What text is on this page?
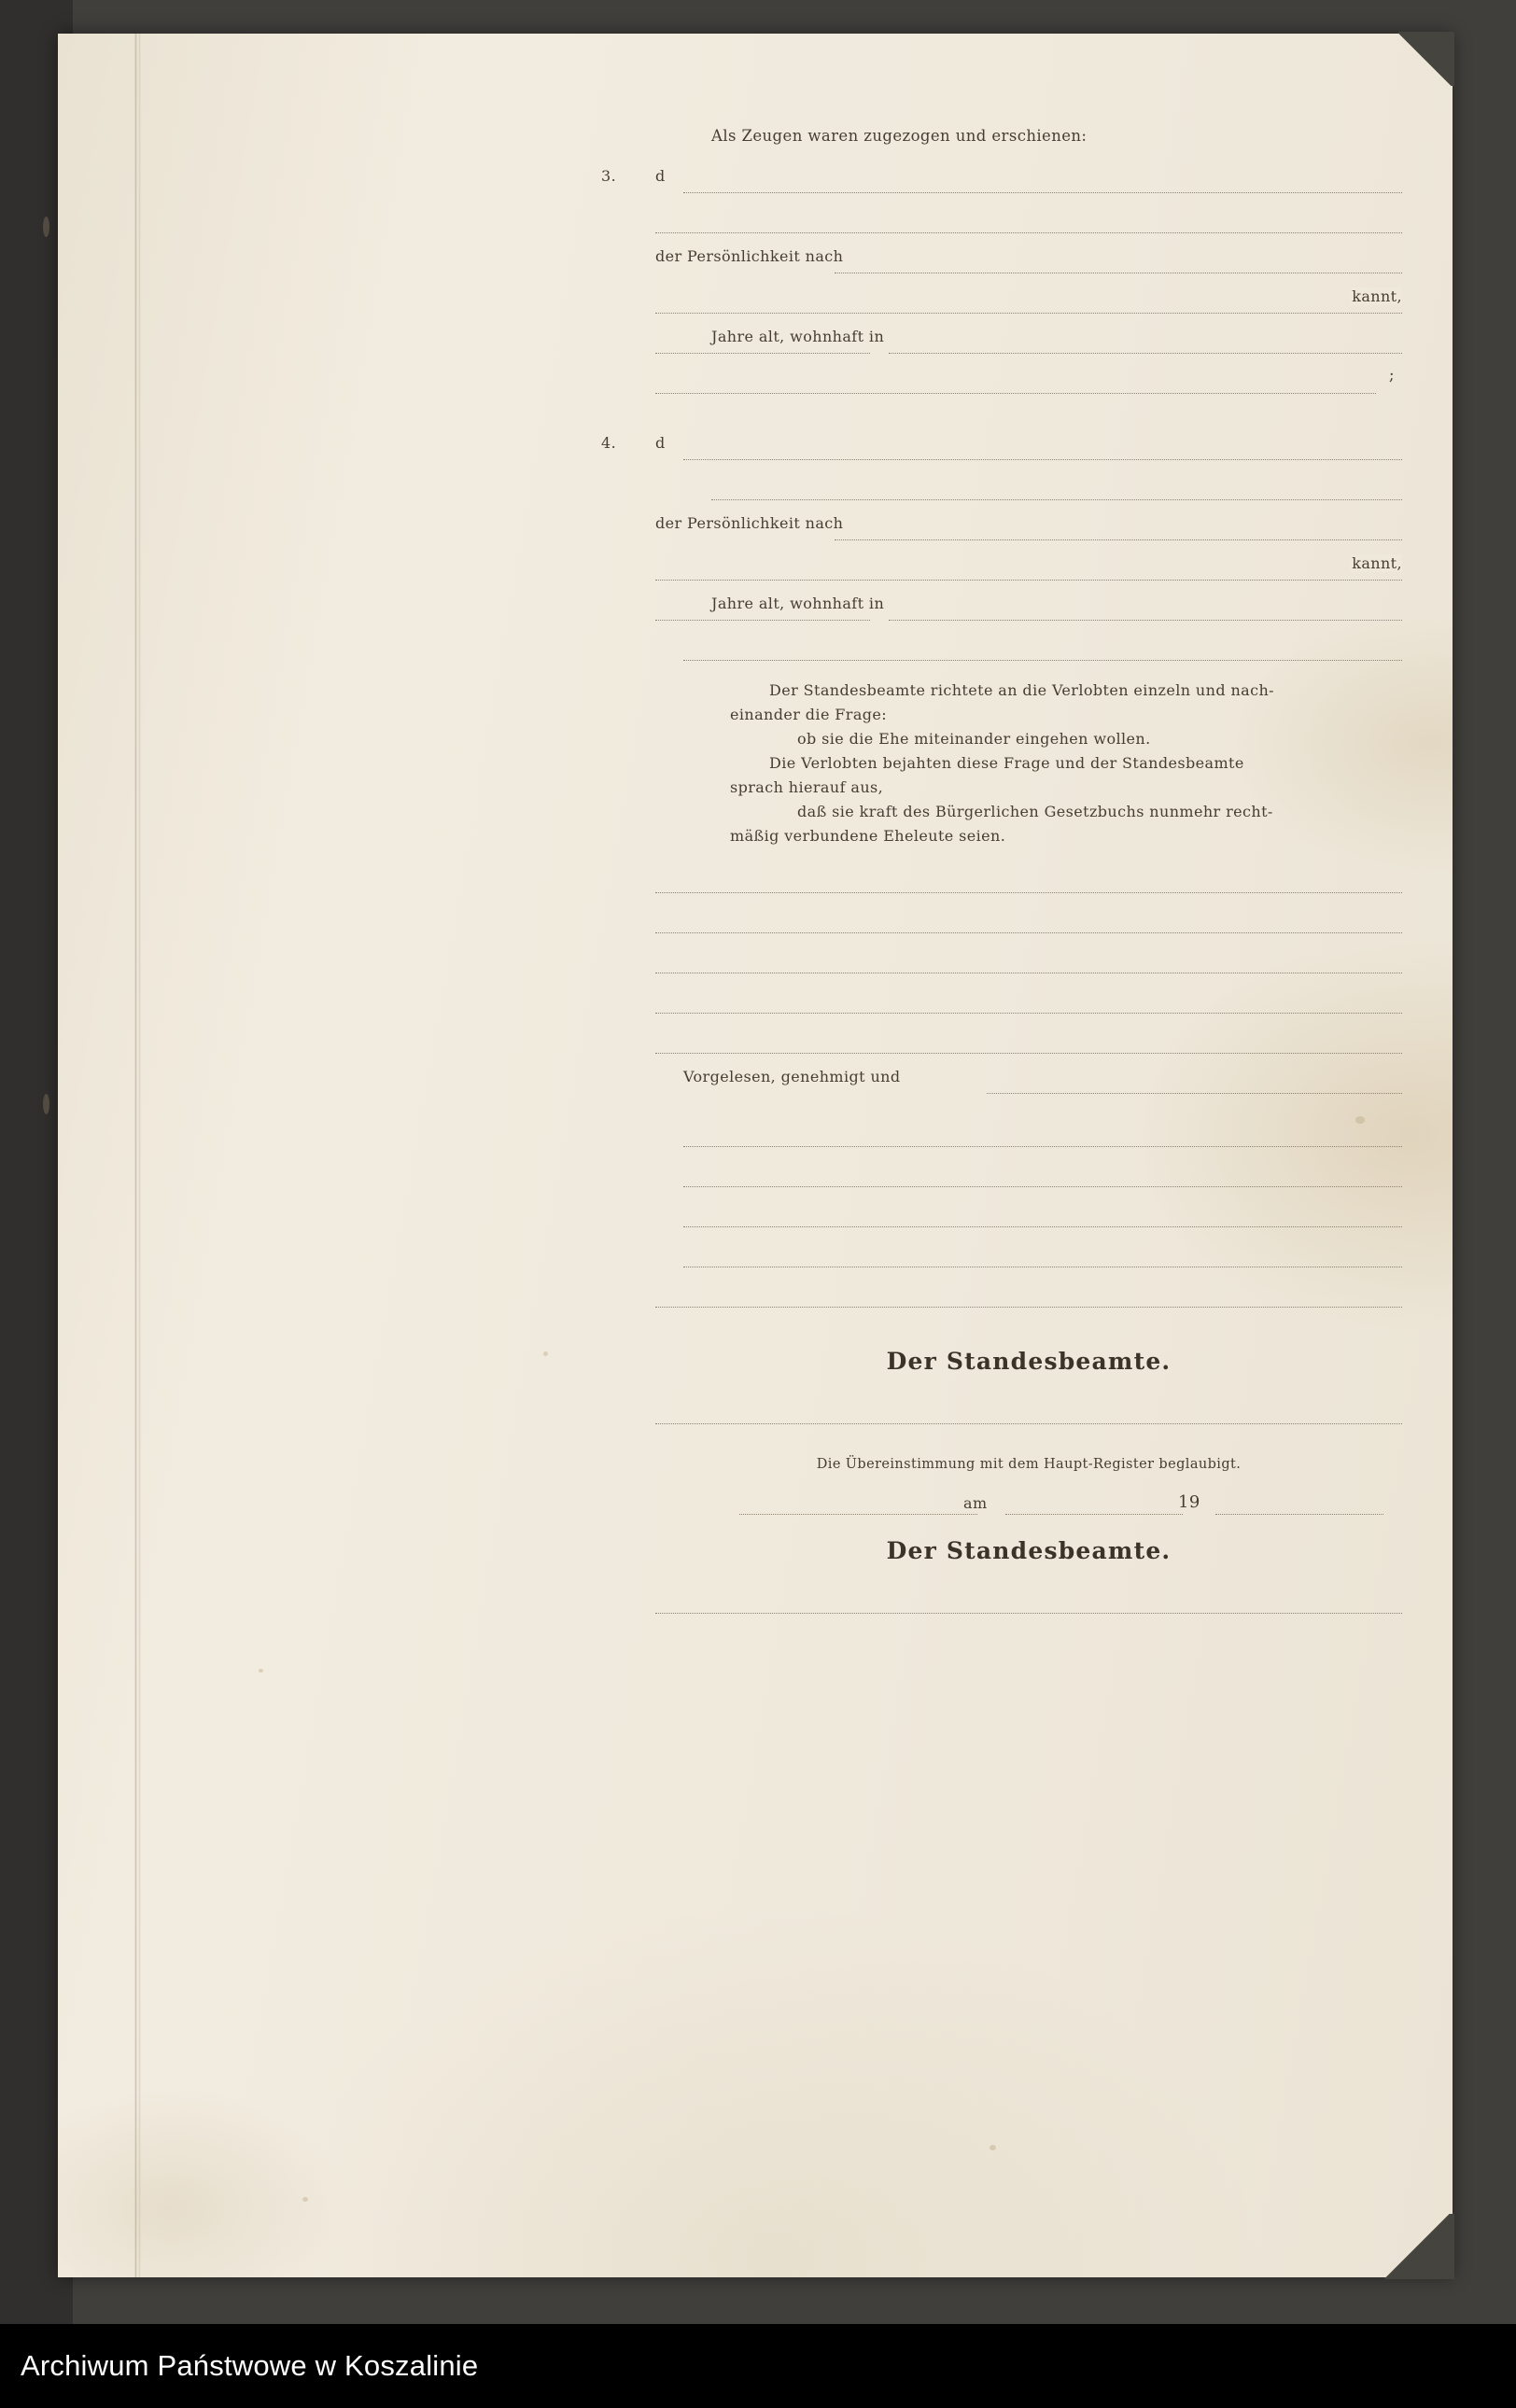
Als Zeugen waren zugezogen und erschienen:
3.	d
der Persönlichkeit nach
kannt,
Jahre alt, wohnhaft in
;
4.	d
der Persönlichkeit nach
kannt,
Jahre alt, wohnhaft in

Der Standesbeamte richtete an die Verlobten einzeln und nach-

einander die Frage:

ob sie die Ehe miteinander eingehen wollen.

Die Verlobten bejahten diese Frage und der Standesbeamte

sprach hierauf aus,

daß sie kraft des Bürgerlichen Gesetzbuchs nunmehr recht-

mäßig verbundene Eheleute seien.

Vorgelesen, genehmigt und
Der Standesbeamte.
Die Übereinstimmung mit dem Haupt-Register beglaubigt.
am	19
Der Standesbeamte.
Archiwum Państwowe w Koszalinie
